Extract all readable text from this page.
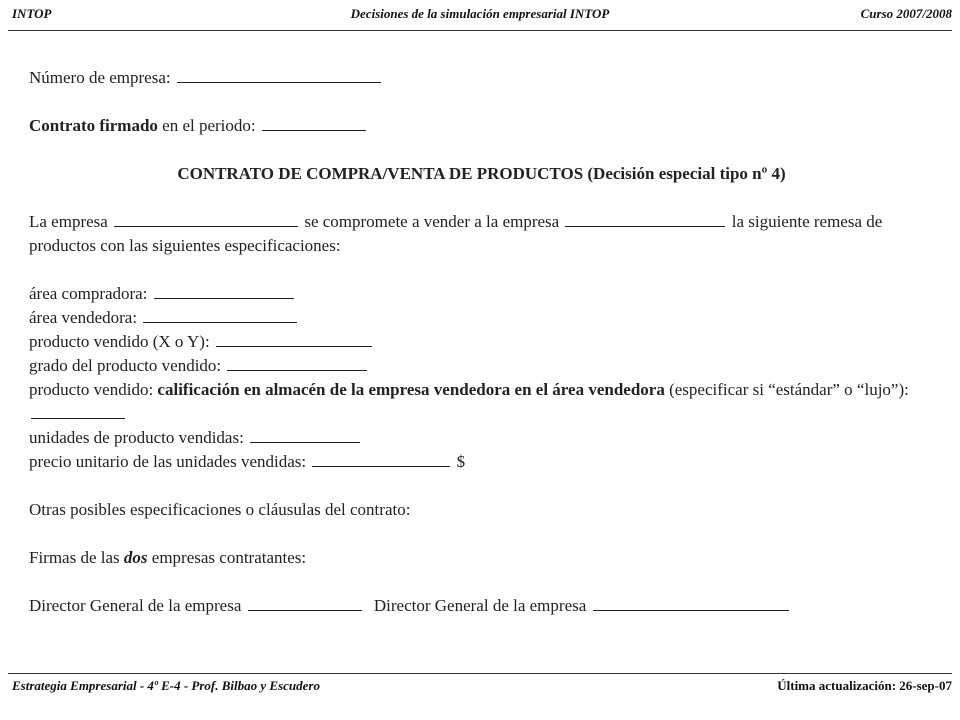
INTOP	Decisiones de la simulación empresarial INTOP	Curso 2007/2008
Número de empresa:
Contrato firmado en el periodo:
CONTRATO DE COMPRA/VENTA DE PRODUCTOS (Decisión especial tipo nº 4)
La empresa	se compromete a vender a la empresa	la siguiente remesa de productos con las siguientes especificaciones:
área compradora:
área vendedora:
producto vendido (X o Y):
grado del producto vendido:
producto vendido: calificación en almacén de la empresa vendedora en el área vendedora (especificar si “estándar” o “lujo”):
unidades de producto vendidas:
precio unitario de las unidades vendidas:	$
Otras posibles especificaciones o cláusulas del contrato:
Firmas de las dos empresas contratantes:
Director General de la empresa	Director General de la empresa
Estrategia Empresarial - 4º E-4 - Prof. Bilbao y Escudero	Última actualización: 26-sep-07
